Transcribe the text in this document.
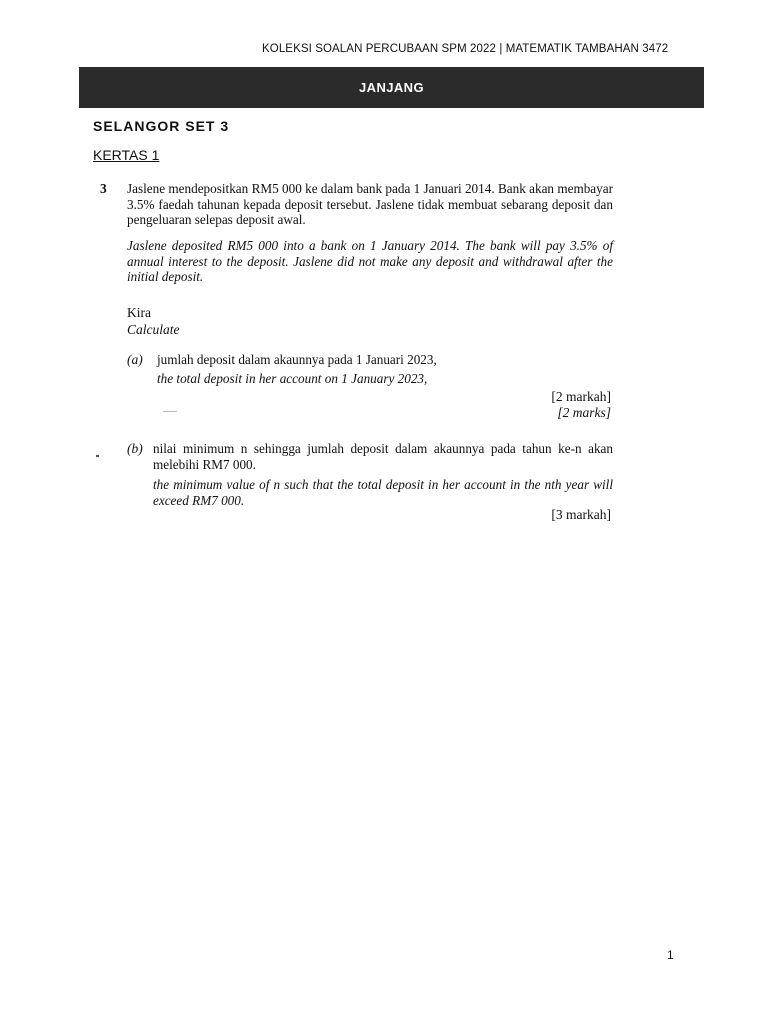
KOLEKSI SOALAN PERCUBAAN SPM 2022 | MATEMATIK TAMBAHAN 3472
JANJANG
SELANGOR SET 3
KERTAS 1
3 Jaslene mendepositkan RM5 000 ke dalam bank pada 1 Januari 2014. Bank akan membayar 3.5% faedah tahunan kepada deposit tersebut. Jaslene tidak membuat sebarang deposit dan pengeluaran selepas deposit awal.
Jaslene deposited RM5 000 into a bank on 1 January 2014. The bank will pay 3.5% of annual interest to the deposit. Jaslene did not make any deposit and withdrawal after the initial deposit.
Kira
Calculate
(a) jumlah deposit dalam akaunnya pada 1 Januari 2023,
the total deposit in her account on 1 January 2023,
[2 markah]
[2 marks]
(b) nilai minimum n sehingga jumlah deposit dalam akaunnya pada tahun ke-n akan melebihi RM7 000.
the minimum value of n such that the total deposit in her account in the nth year will exceed RM7 000.
[3 markah]
1
